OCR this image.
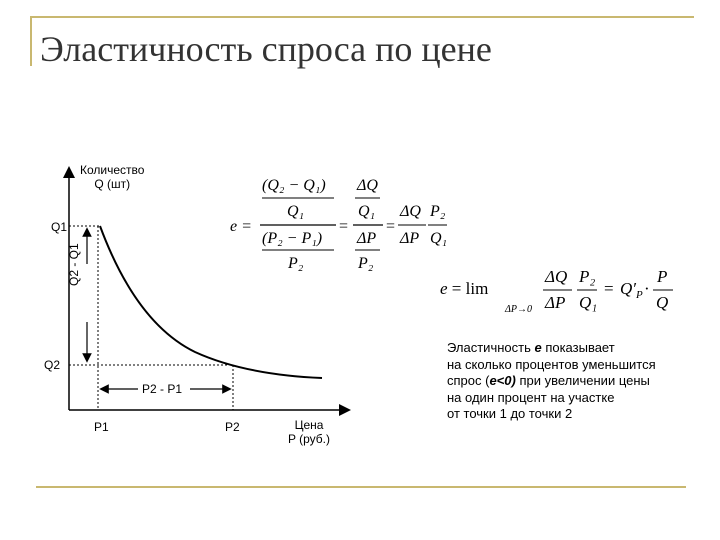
Эластичность спроса по цене
e =
(Q₂ − Q₁)
Q₁
(P₂ − P₁)
P₂
=
ΔQ
Q₁
ΔP
P₂
=
ΔQ
ΔP
P₂
Q₁
e = lim
ΔP→0
ΔQ
ΔP
P₂
Q₁
= $Q'_P$ ·
P
Q
Количество
Q (шт)
Q1
Q2
Q2 - Q1
P2 - P1
P1	P2	Цена
P (руб.)
Эластичность e показывает
на сколько процентов уменьшится
спрос (e<0) при увеличении цены
на один процент на участке
от точки 1 до точки 2
